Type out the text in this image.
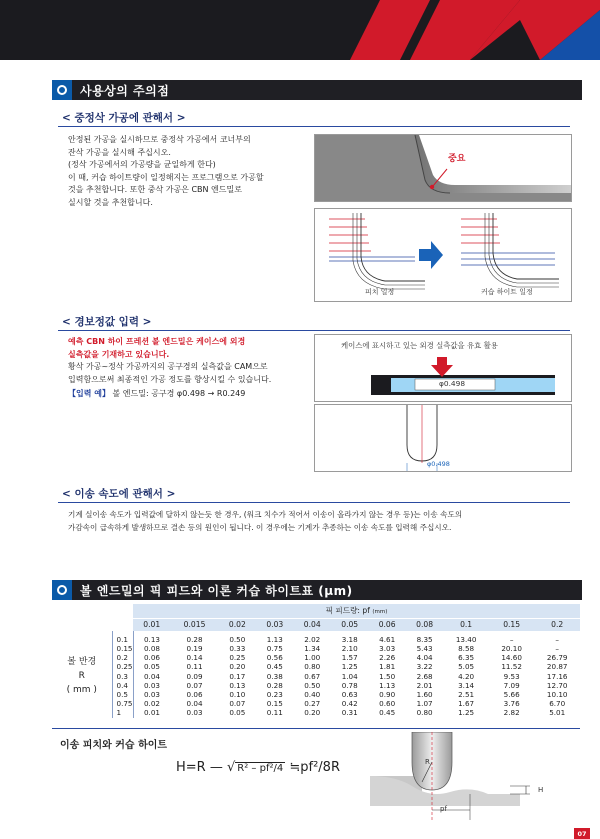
사용상의 주의점
< 중정삭 가공에 관해서 >

안정된 가공을 실시하므로 중정삭 가공에서 코너부의

잔삭 가공을 실시해 주십시오.

(정삭 가공에서의 가공량을 균일하게 한다)

이 때, 커습 하이트량이 일정해지는 프로그램으로 가공할

것을 추천합니다. 또한 중삭 가공은 CBN 엔드밀로

실시할 것을 추천합니다.

중요
피치 일정	커습 하이트 일정
< 경보정값 입력 >

예측 CBN 하이 프레션 볼 엔드밀은 케이스에 외경

실측값을 기재하고 있습니다.

황삭 가공~정삭 가공까지의 공구경의 실측값을 CAM으로

입력함으로써 최종적인 가공 정도를 향상시킬 수 있습니다.

【입력 예】 볼 엔드밀: 공구경 φ0.498 → R0.249

케이스에 표시하고 있는 외경 실측값을 유효 활용
φ0.498
φ0.498
< 이송 속도에 관해서 >

기계 실이송 속도가 입력값에 달하지 않는듯 한 경우, (워크 치수가 적어서 이송이 올라가지 않는 경우 등)는 이송 속도의

가감속이 급속하게 발생하므로 결손 등의 원인이 됩니다. 이 경우에는 기계가 추종하는 이송 속도를 입력해 주십시오.

볼 엔드밀의 픽 피드와 이론 커습 하이트표 (μm)
		픽 피드량: pf (mm)										
		0.01	0.015	0.02	0.03	0.04	0.05	0.06	0.08	0.1	0.15	0.2

볼 반경
R
( mm )	0.1	0.13	0.28	0.50	1.13	2.02	3.18	4.61	8.35	13.40	–	–
	0.15	0.08	0.19	0.33	0.75	1.34	2.10	3.03	5.43	8.58	20.10	–
	0.2	0.06	0.14	0.25	0.56	1.00	1.57	2.26	4.04	6.35	14.60	26.79
	0.25	0.05	0.11	0.20	0.45	0.80	1.25	1.81	3.22	5.05	11.52	20.87
	0.3	0.04	0.09	0.17	0.38	0.67	1.04	1.50	2.68	4.20	9.53	17.16
	0.4	0.03	0.07	0.13	0.28	0.50	0.78	1.13	2.01	3.14	7.09	12.70
	0.5	0.03	0.06	0.10	0.23	0.40	0.63	0.90	1.60	2.51	5.66	10.10
	0.75	0.02	0.04	0.07	0.15	0.27	0.42	0.60	1.07	1.67	3.76	6.70
	1	0.01	0.03	0.05	0.11	0.20	0.31	0.45	0.80	1.25	2.82	5.01
이송 피치와 커습 하이트
H=R — √ R² – pf²/4 ≒pf²/8R	R
pf
H
07
